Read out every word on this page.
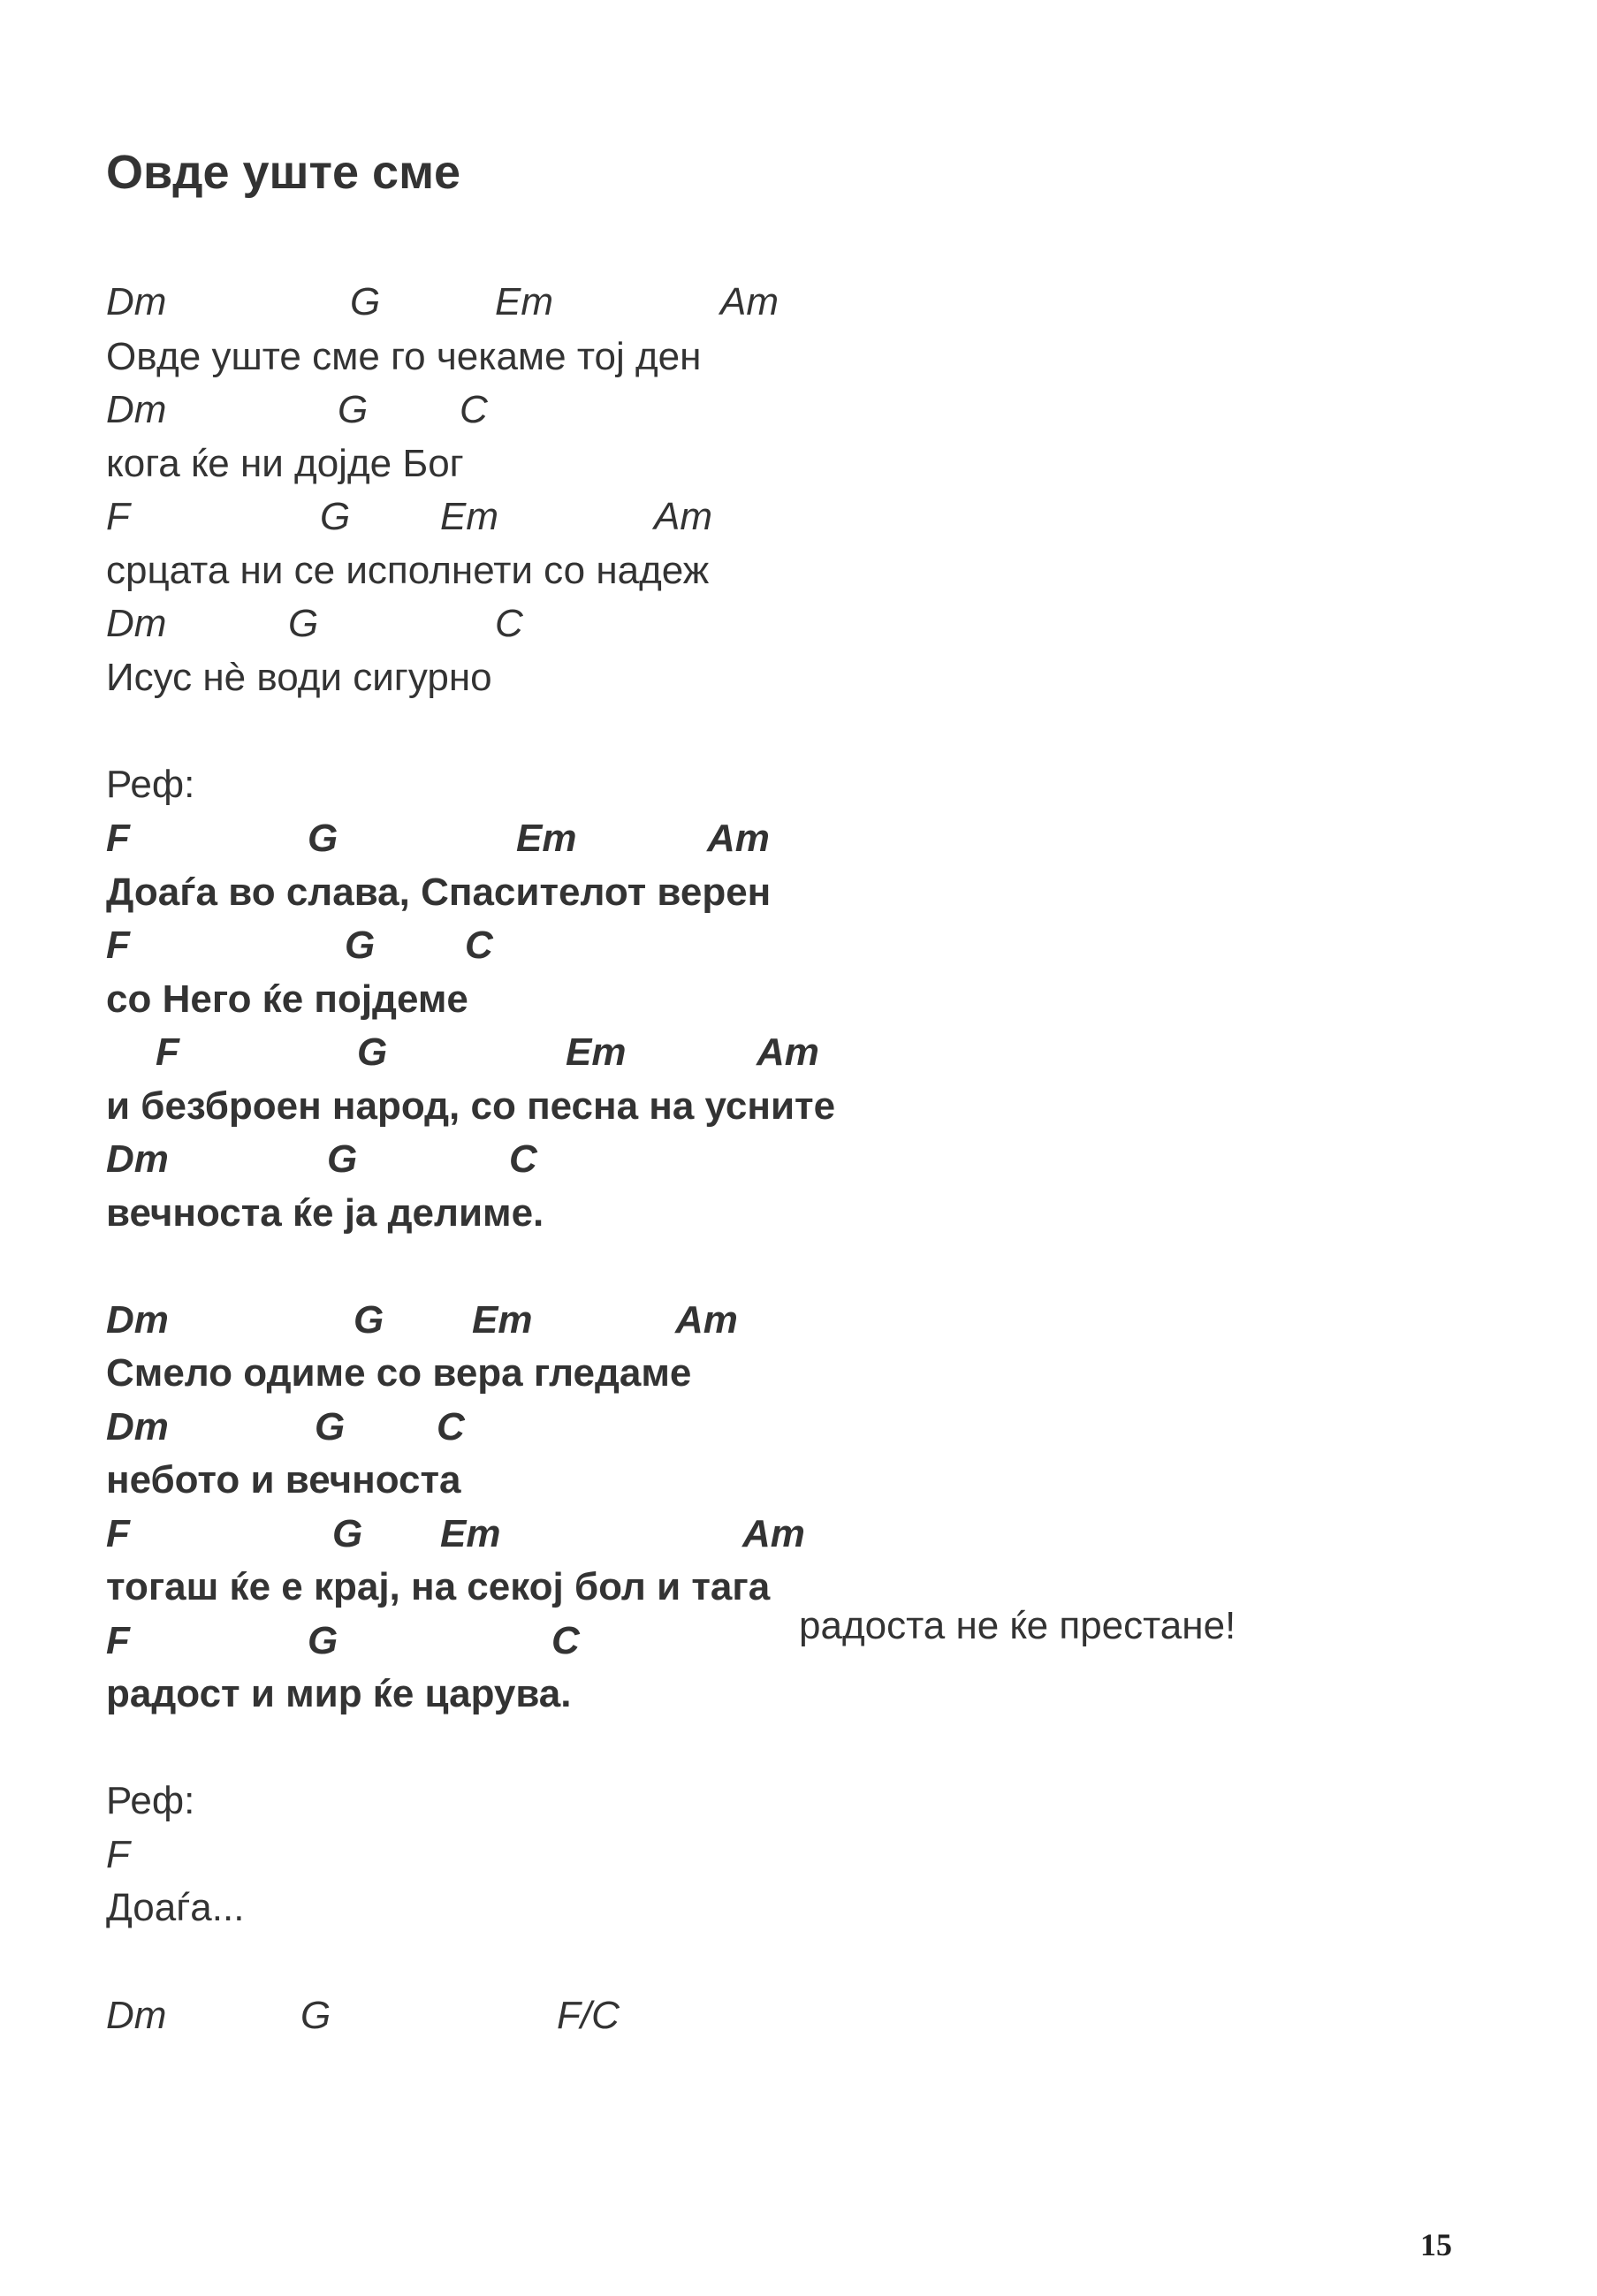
Овде уште сме
Dm	G	Em	Am
Овде уште сме го чекаме тој ден
Dm	G C
кога ќе ни дојде Бог
F	G Em	Am
срцата ни се исполнети со надеж
Dm	G	C
Исус нè води сигурно
Реф:
F	G	Em	Am
Доаѓа во слава, Спасителот верен
F	G C
со Него ќе појдеме
F	G	Em	Am
и безброен народ, со песна на усните
Dm	G	C
вечноста ќе ја делиме.
Dm	G Em	Am
Смело одиме со вера гледаме
Dm	G C
небото и вечноста
F	G Em	Am
тогаш ќе е крај, на секој бол и тага
F	G	C
радост и мир ќе царува.
радоста не ќе престане!
Реф:
F
Доаѓа...
Dm	G	F/C
15
